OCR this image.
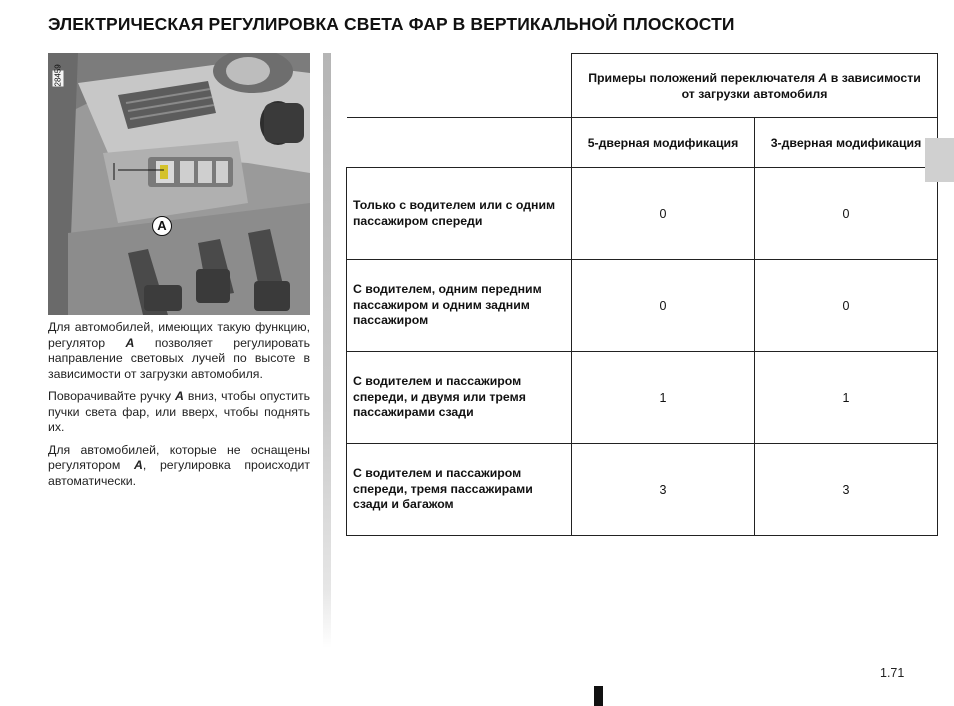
ЭЛЕКТРИЧЕСКАЯ РЕГУЛИРОВКА СВЕТА ФАР В ВЕРТИКАЛЬНОЙ ПЛОСКОСТИ
28459
A

Для автомобилей, имеющих такую функцию, регулятор A позволяет регулировать направление световых лучей по высоте в зависимости от загрузки автомобиля.

Поворачивайте ручку A вниз, чтобы опустить пучки света фар, или вверх, чтобы поднять их.

Для автомобилей, которые не оснащены регулятором A, регулировка происходит автоматически.

	Примеры положений переключателя A в зависимости от загрузки автомобиля	
	5-дверная модификация	3-дверная модификация
Только с водителем или с одним пассажиром спереди	0	0
С водителем, одним передним пассажиром и одним задним пассажиром	0	0
С водителем и пассажиром спереди, и двумя или тремя пассажирами сзади	1	1
С водителем и пассажиром спереди, тремя пассажирами сзади и багажом	3	3
1.71
